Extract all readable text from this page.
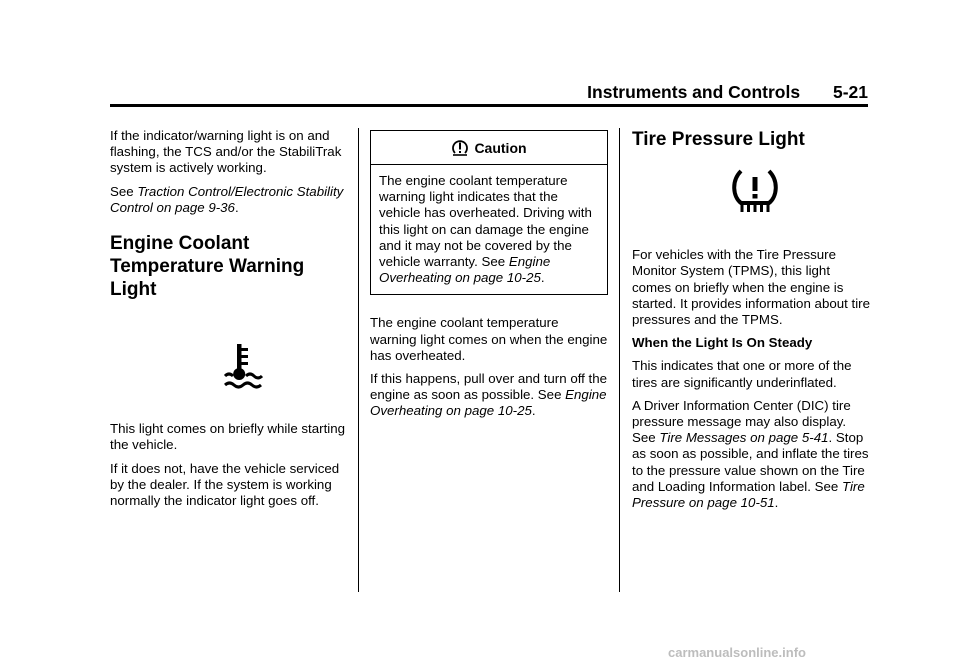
Instruments and Controls 5-21

If the indicator/warning light is on and flashing, the TCS and/or the StabiliTrak system is actively working.

See Traction Control/Electronic Stability Control on page 9-36.

Engine Coolant Temperature Warning Light

This light comes on briefly while starting the vehicle.

If it does not, have the vehicle serviced by the dealer. If the system is working normally the indicator light goes off.

Caution
The engine coolant temperature warning light indicates that the vehicle has overheated. Driving with this light on can damage the engine and it may not be covered by the vehicle warranty. See Engine Overheating on page 10-25.

The engine coolant temperature warning light comes on when the engine has overheated.

If this happens, pull over and turn off the engine as soon as possible. See Engine Overheating on page 10-25.

Tire Pressure Light

For vehicles with the Tire Pressure Monitor System (TPMS), this light comes on briefly when the engine is started. It provides information about tire pressures and the TPMS.

When the Light Is On Steady

This indicates that one or more of the tires are significantly underinflated.

A Driver Information Center (DIC) tire pressure message may also display. See Tire Messages on page 5-41. Stop as soon as possible, and inflate the tires to the pressure value shown on the Tire and Loading Information label. See Tire Pressure on page 10-51.

carmanualsonline.info
